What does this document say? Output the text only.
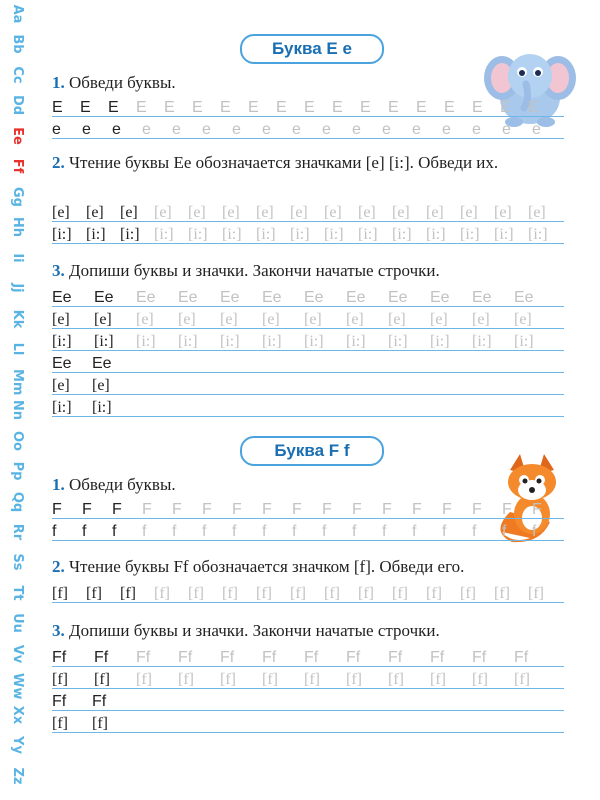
Aa
Bb
Cc
Dd
Ee
Ff
Gg
Hh
Ii
Jj
Kk
Ll
Mm
Nn
Oo
Pp
Qq
Rr
Ss
Tt
Uu
Vv
Ww
Xx
Yy
Zz
Буква Е е
1. Обведи буквы.
E	E	E	E	E	E	E	E	E	E	E	E	E	E	E	E	E	E
e	e	e	e	e	e	e	e	e	e	e	e	e	e	e	e	e
2. Чтение буквы Ее обозначается значками [e] [i:]. Обведи их.
[e]	[e]	[e]	[e]	[e]	[e]	[e]	[e]	[e]	[e]	[e]	[e]	[e]	[e]	[e]
[i:] [i:] [i:] [i:] [i:] [i:] [i:] [i:] [i:] [i:] [i:] [i:] [i:] [i:] [i:]
3. Допиши буквы и значки. Закончи начатые строчки.
Ee	Ee	Ee	Ee	Ee	Ee	Ee	Ee	Ee	Ee	Ee	Ee
[e]	[e]	[e]	[e]	[e]	[e]	[e]	[e]	[e]	[e]	[e]	[e]
[i:]	[i:]	[i:]	[i:]	[i:]	[i:]	[i:]	[i:]	[i:]	[i:]	[i:]	[i:]
Ee	Ee
[e]	[e]
[i:]	[i:]
Буква F f
1. Обведи буквы.
F	F	F	F	F	F	F	F	F	F	F	F	F	F	F	F	F
f	f	f	f	f	f	f	f	f	f	f	f	f	f	f	f	f
2. Чтение буквы Ff обозначается значком [f]. Обведи его.
[f]	[f]	[f]	[f]	[f]	[f]	[f]	[f]	[f]	[f]	[f]	[f]	[f]	[f]	[f]
3. Допиши буквы и значки. Закончи начатые строчки.
Ff	Ff	Ff	Ff	Ff	Ff	Ff	Ff	Ff	Ff	Ff	Ff
[f]	[f]	[f]	[f]	[f]	[f]	[f]	[f]	[f]	[f]	[f]	[f]
Ff	Ff
[f]	[f]
